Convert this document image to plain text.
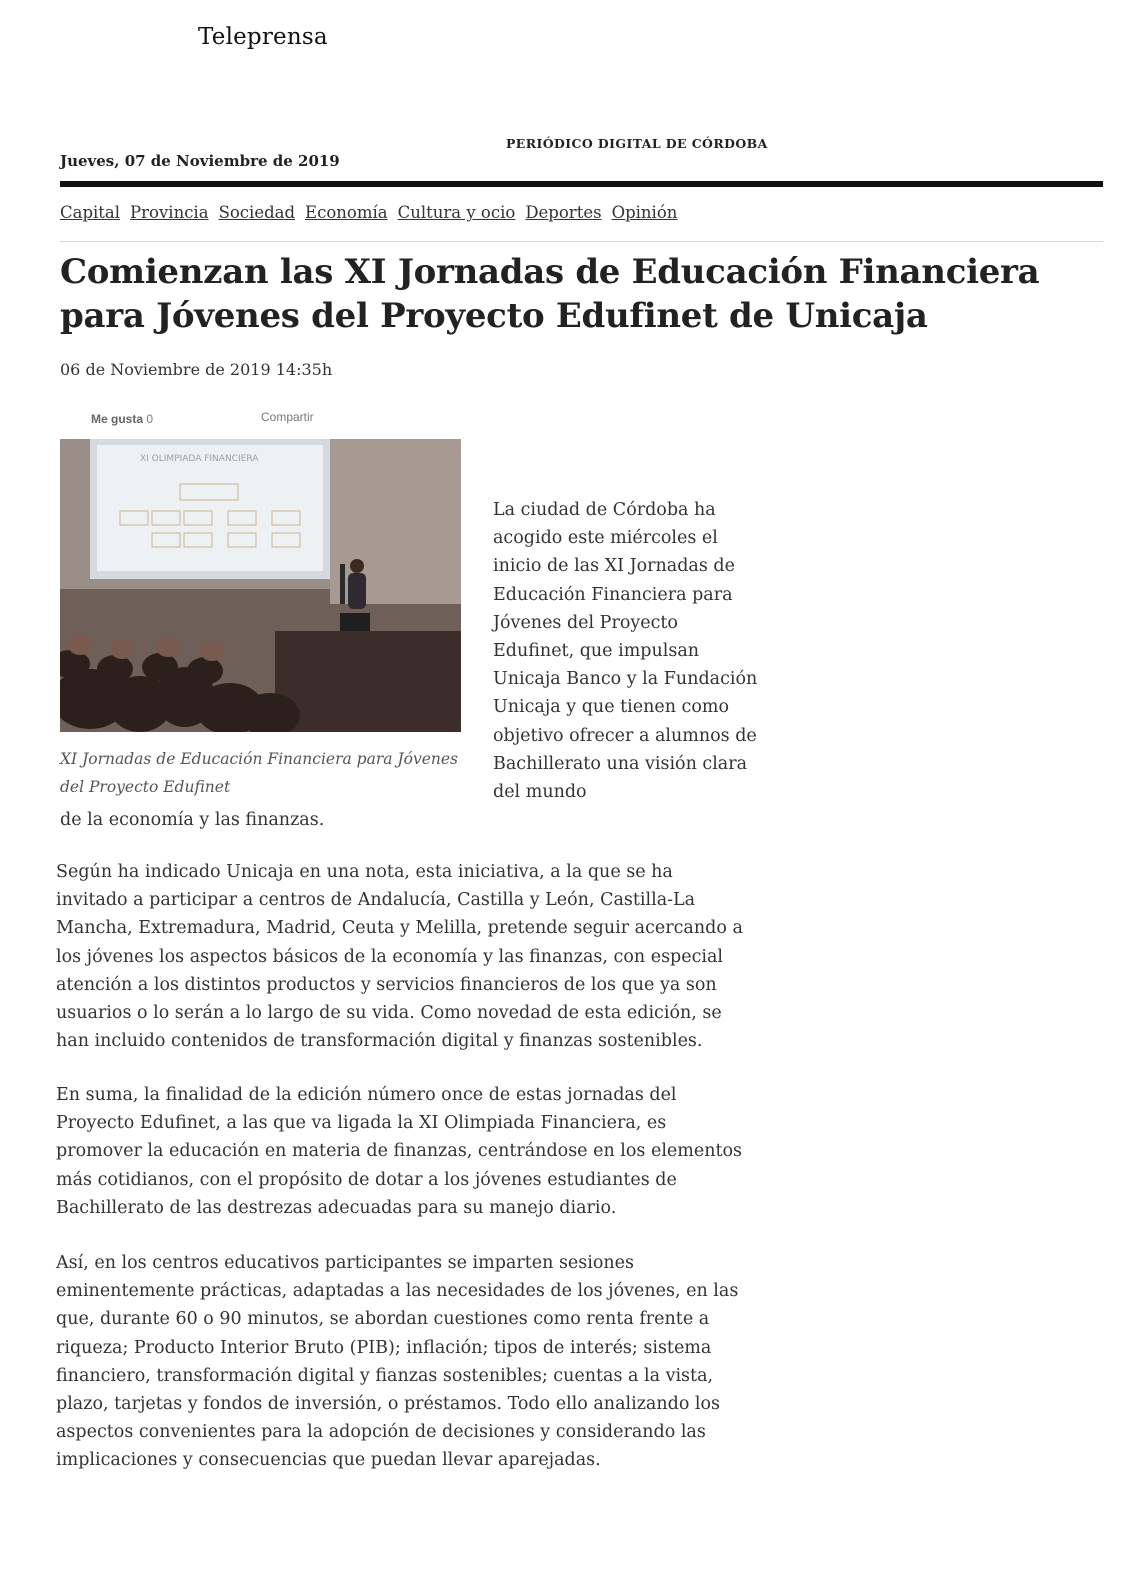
Teleprensa
PERIÓDICO DIGITAL DE CÓRDOBA
Jueves, 07 de Noviembre de 2019
Capital Provincia Sociedad Economía Cultura y ocio Deportes Opinión
Comienzan las XI Jornadas de Educación Financiera para Jóvenes del Proyecto Edufinet de Unicaja
06 de Noviembre de 2019 14:35h
Me gusta 0	Compartir
XI OLIMPIADA FINANCIERA
XI Jornadas de Educación Financiera para Jóvenes del Proyecto Edufinet
La ciudad de Córdoba ha acogido este miércoles el inicio de las XI Jornadas de Educación Financiera para Jóvenes del Proyecto Edufinet, que impulsan Unicaja Banco y la Fundación Unicaja y que tienen como objetivo ofrecer a alumnos de Bachillerato una visión clara del mundo
de la economía y las finanzas.

Según ha indicado Unicaja en una nota, esta iniciativa, a la que se ha invitado a participar a centros de Andalucía, Castilla y León, Castilla-La Mancha, Extremadura, Madrid, Ceuta y Melilla, pretende seguir acercando a los jóvenes los aspectos básicos de la economía y las finanzas, con especial atención a los distintos productos y servicios financieros de los que ya son usuarios o lo serán a lo largo de su vida. Como novedad de esta edición, se han incluido contenidos de transformación digital y finanzas sostenibles.

En suma, la finalidad de la edición número once de estas jornadas del Proyecto Edufinet, a las que va ligada la XI Olimpiada Financiera, es promover la educación en materia de finanzas, centrándose en los elementos más cotidianos, con el propósito de dotar a los jóvenes estudiantes de Bachillerato de las destrezas adecuadas para su manejo diario.

Así, en los centros educativos participantes se imparten sesiones eminentemente prácticas, adaptadas a las necesidades de los jóvenes, en las que, durante 60 o 90 minutos, se abordan cuestiones como renta frente a riqueza; Producto Interior Bruto (PIB); inflación; tipos de interés; sistema financiero, transformación digital y fianzas sostenibles; cuentas a la vista, plazo, tarjetas y fondos de inversión, o préstamos. Todo ello analizando los aspectos convenientes para la adopción de decisiones y considerando las implicaciones y consecuencias que puedan llevar aparejadas.
